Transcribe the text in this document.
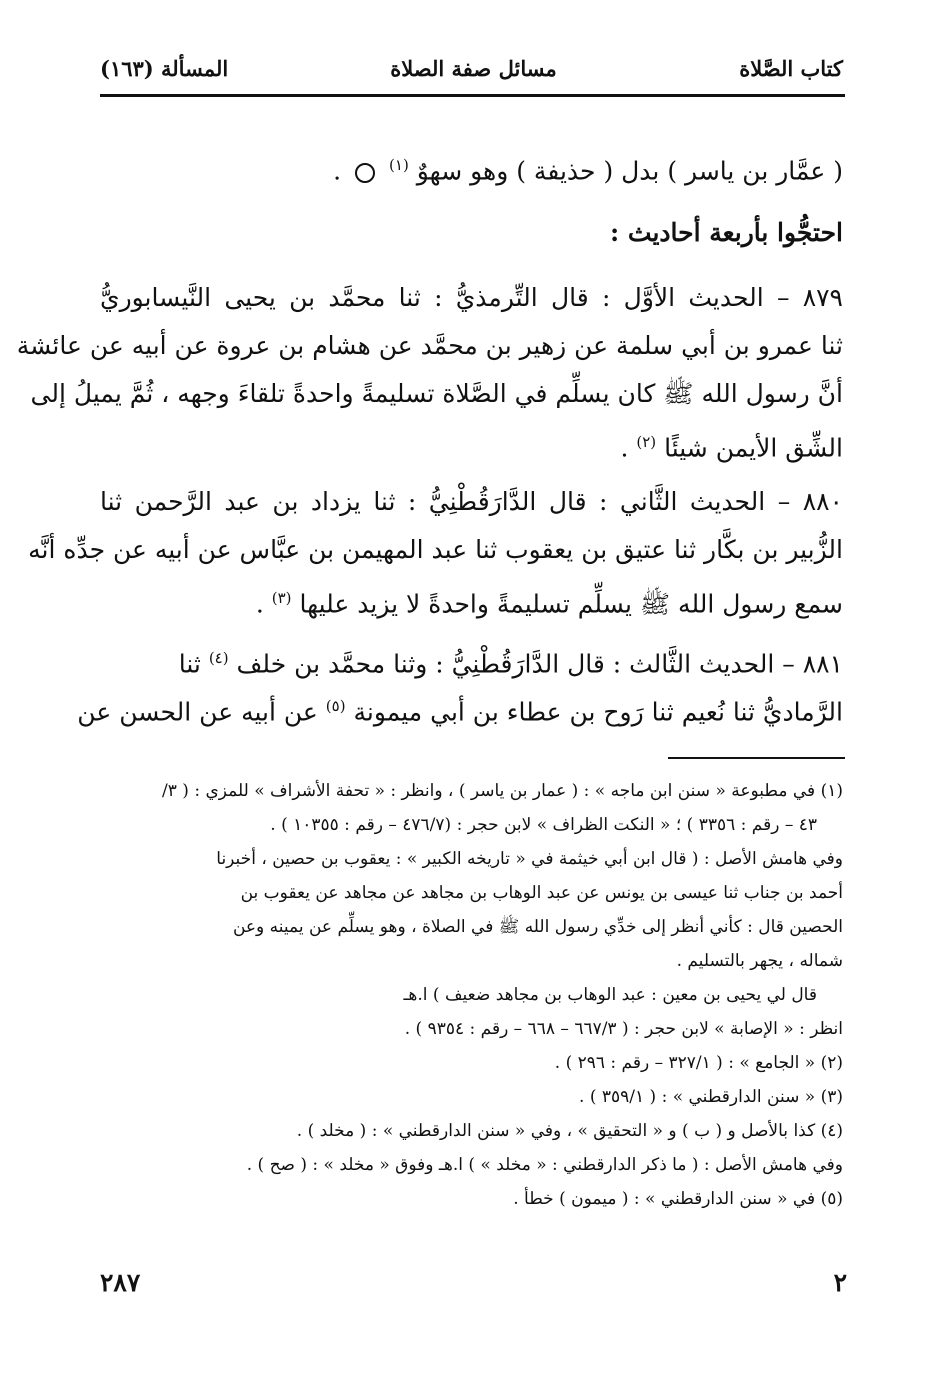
كتاب الصَّلاة
مسائل صفة الصلاة
المسألة (١٦٣)
( عمَّار بن ياسر ) بدل ( حذيفة ) وهو سهوٌ $^{(١)}$  .
احتجُّوا بأربعة أحاديث :
٨٧٩ – الحديث الأوَّل : قال التِّرمذيُّ : ثنا محمَّد بن يحيى النَّيسابوريُّ
ثنا عمرو بن أبي سلمة عن زهير بن محمَّد عن هشام بن عروة عن أبيه عن عائشة
أنَّ رسول الله ﷺ كان يسلِّم في الصَّلاة تسليمةً واحدةً تلقاءَ وجهه ، ثُمَّ يميلُ إلى
الشِّق الأيمن شيئًا $^{(٢)}$ .
٨٨٠ – الحديث الثَّاني : قال الدَّارَقُطْنِيُّ : ثنا يزداد بن عبد الرَّحمن ثنا
الزُّبير بن بكَّار ثنا عتيق بن يعقوب ثنا عبد المهيمن بن عبَّاس عن أبيه عن جدِّه أنَّه
سمع رسول الله ﷺ يسلِّم تسليمةً واحدةً لا يزيد عليها $^{(٣)}$ .
٨٨١ – الحديث الثَّالث : قال الدَّارَقُطْنِيُّ : وثنا محمَّد بن خلف $^{(٤)}$ ثنا
الرَّماديُّ ثنا نُعيم ثنا رَوح بن عطاء بن أبي ميمونة $^{(٥)}$ عن أبيه عن الحسن عن
(١) في مطبوعة « سنن ابن ماجه » : ( عمار بن ياسر ) ، وانظر : « تحفة الأشراف » للمزي : ( ٣/
٤٣ – رقم : ٣٣٥٦ ) ؛ « النكت الظراف » لابن حجر : (٤٧٦/٧ – رقم : ١٠٣٥٥ ) .
وفي هامش الأصل : ( قال ابن أبي خيثمة في « تاريخه الكبير » : يعقوب بن حصين ، أخبرنا
أحمد بن جناب ثنا عيسى بن يونس عن عبد الوهاب بن مجاهد عن مجاهد عن يعقوب بن
الحصين قال : كأني أنظر إلى خدِّي رسول الله ﷺ في الصلاة ، وهو يسلِّم عن يمينه وعن
شماله ، يجهر بالتسليم .
قال لي يحيى بن معين : عبد الوهاب بن مجاهد ضعيف ) ا.هـ
انظر : « الإصابة » لابن حجر : ( ٦٦٧/٣ – ٦٦٨ – رقم : ٩٣٥٤ ) .
(٢) « الجامع » : ( ٣٢٧/١ – رقم : ٢٩٦ ) .
(٣) « سنن الدارقطني » : ( ٣٥٩/١ ) .
(٤) كذا بالأصل و ( ب ) و « التحقيق » ، وفي « سنن الدارقطني » : ( مخلد ) .
وفي هامش الأصل : ( ما ذكر الدارقطني : « مخلد » ) ا.هـ وفوق « مخلد » : ( صح ) .
(٥) في « سنن الدارقطني » : ( ميمون ) خطأ .
٢
٢٨٧
